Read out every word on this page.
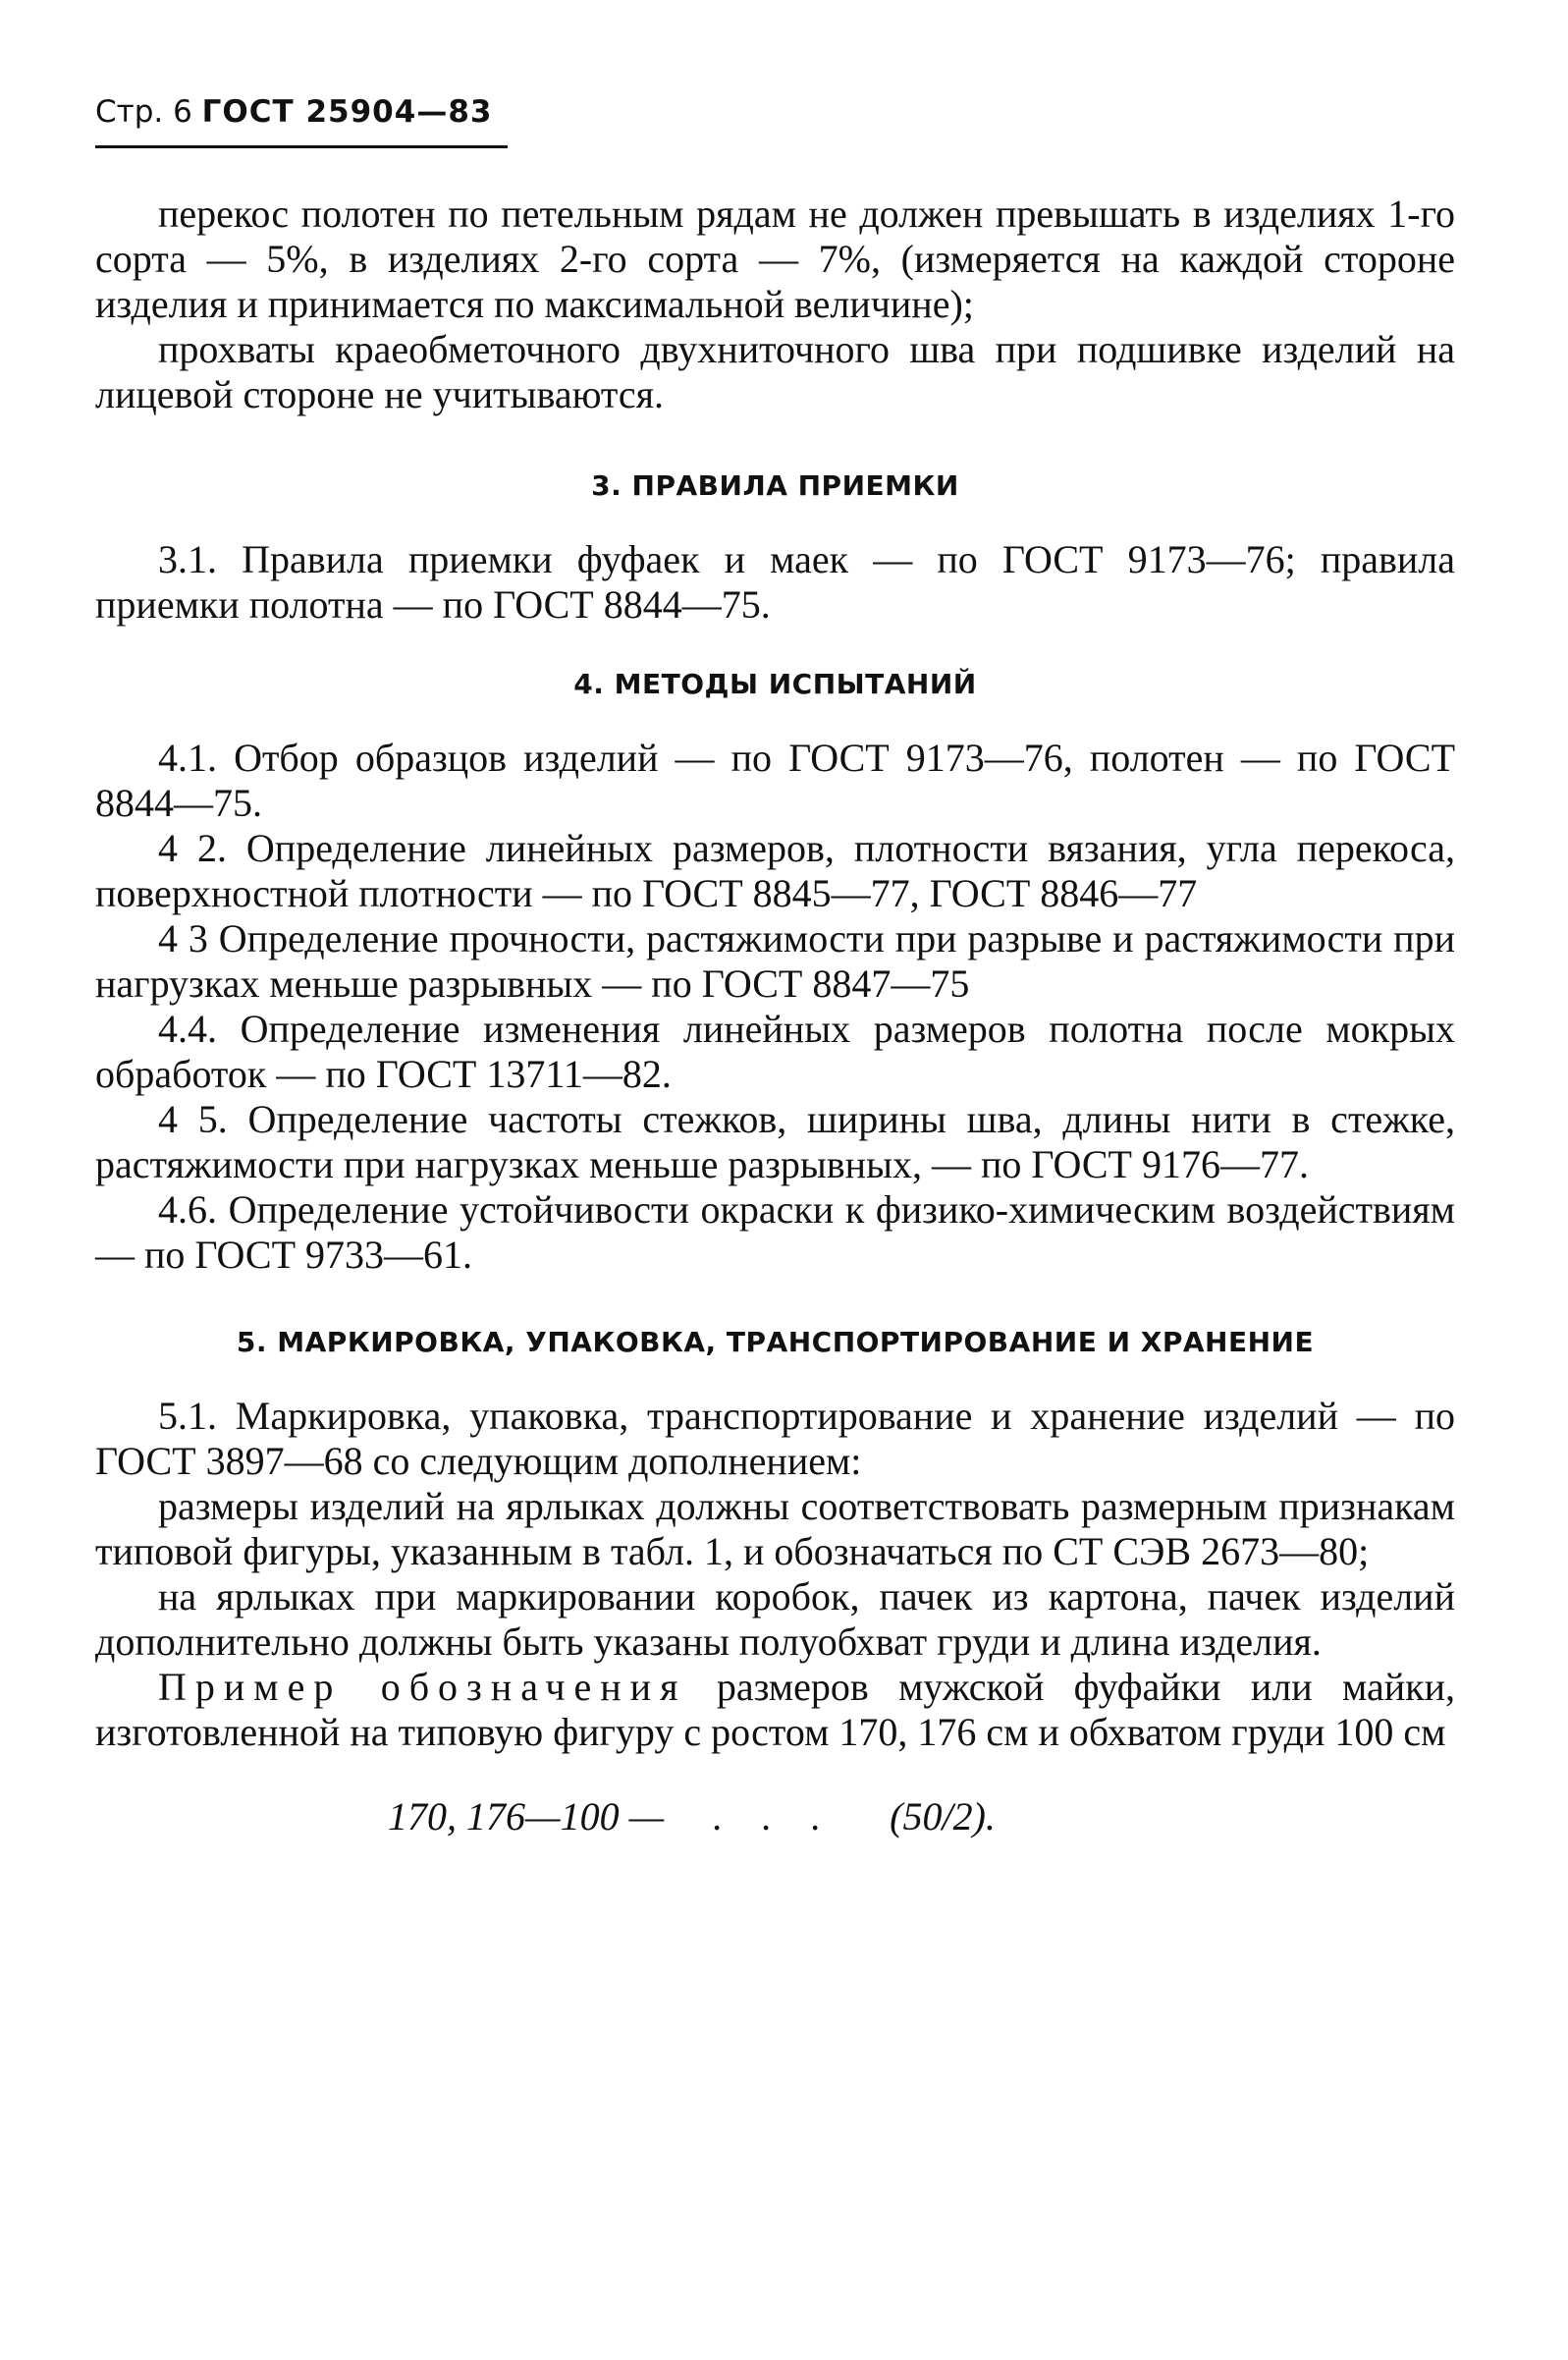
Стр. 6 ГОСТ 25904—83

перекос полотен по петельным рядам не должен превышать в изделиях 1-го сорта — 5%, в изделиях 2-го сорта — 7%, (измеряется на каждой стороне изделия и принимается по максимальной величине);

прохваты краеобметочного двухниточного шва при подшивке изделий на лицевой стороне не учитываются.

3. ПРАВИЛА ПРИЕМКИ

3.1. Правила приемки фуфаек и маек — по ГОСТ 9173—76; правила приемки полотна — по ГОСТ 8844—75.

4. МЕТОДЫ ИСПЫТАНИЙ

4.1. Отбор образцов изделий — по ГОСТ 9173—76, полотен — по ГОСТ 8844—75.

4 2. Определение линейных размеров, плотности вязания, угла перекоса, поверхностной плотности — по ГОСТ 8845—77, ГОСТ 8846—77

4 3 Определение прочности, растяжимости при разрыве и растяжимости при нагрузках меньше разрывных — по ГОСТ 8847—75

4.4. Определение изменения линейных размеров полотна после мокрых обработок — по ГОСТ 13711—82.

4 5. Определение частоты стежков, ширины шва, длины нити в стежке, растяжимости при нагрузках меньше разрывных, — по ГОСТ 9176—77.

4.6. Определение устойчивости окраски к физико-химическим воздействиям — по ГОСТ 9733—61.

5. МАРКИРОВКА, УПАКОВКА, ТРАНСПОРТИРОВАНИЕ И ХРАНЕНИЕ

5.1. Маркировка, упаковка, транспортирование и хранение изделий — по ГОСТ 3897—68 со следующим дополнением:

размеры изделий на ярлыках должны соответствовать размерным признакам типовой фигуры, указанным в табл. 1, и обозначаться по СТ СЭВ 2673—80;

на ярлыках при маркировании коробок, пачек из картона, пачек изделий дополнительно должны быть указаны полуобхват груди и длина изделия.

Пример обозначения размеров мужской фуфайки или майки, изготовленной на типовую фигуру с ростом 170, 176 см и обхватом груди 100 см

170, 176—100 —     .    .    .       (50/2).
